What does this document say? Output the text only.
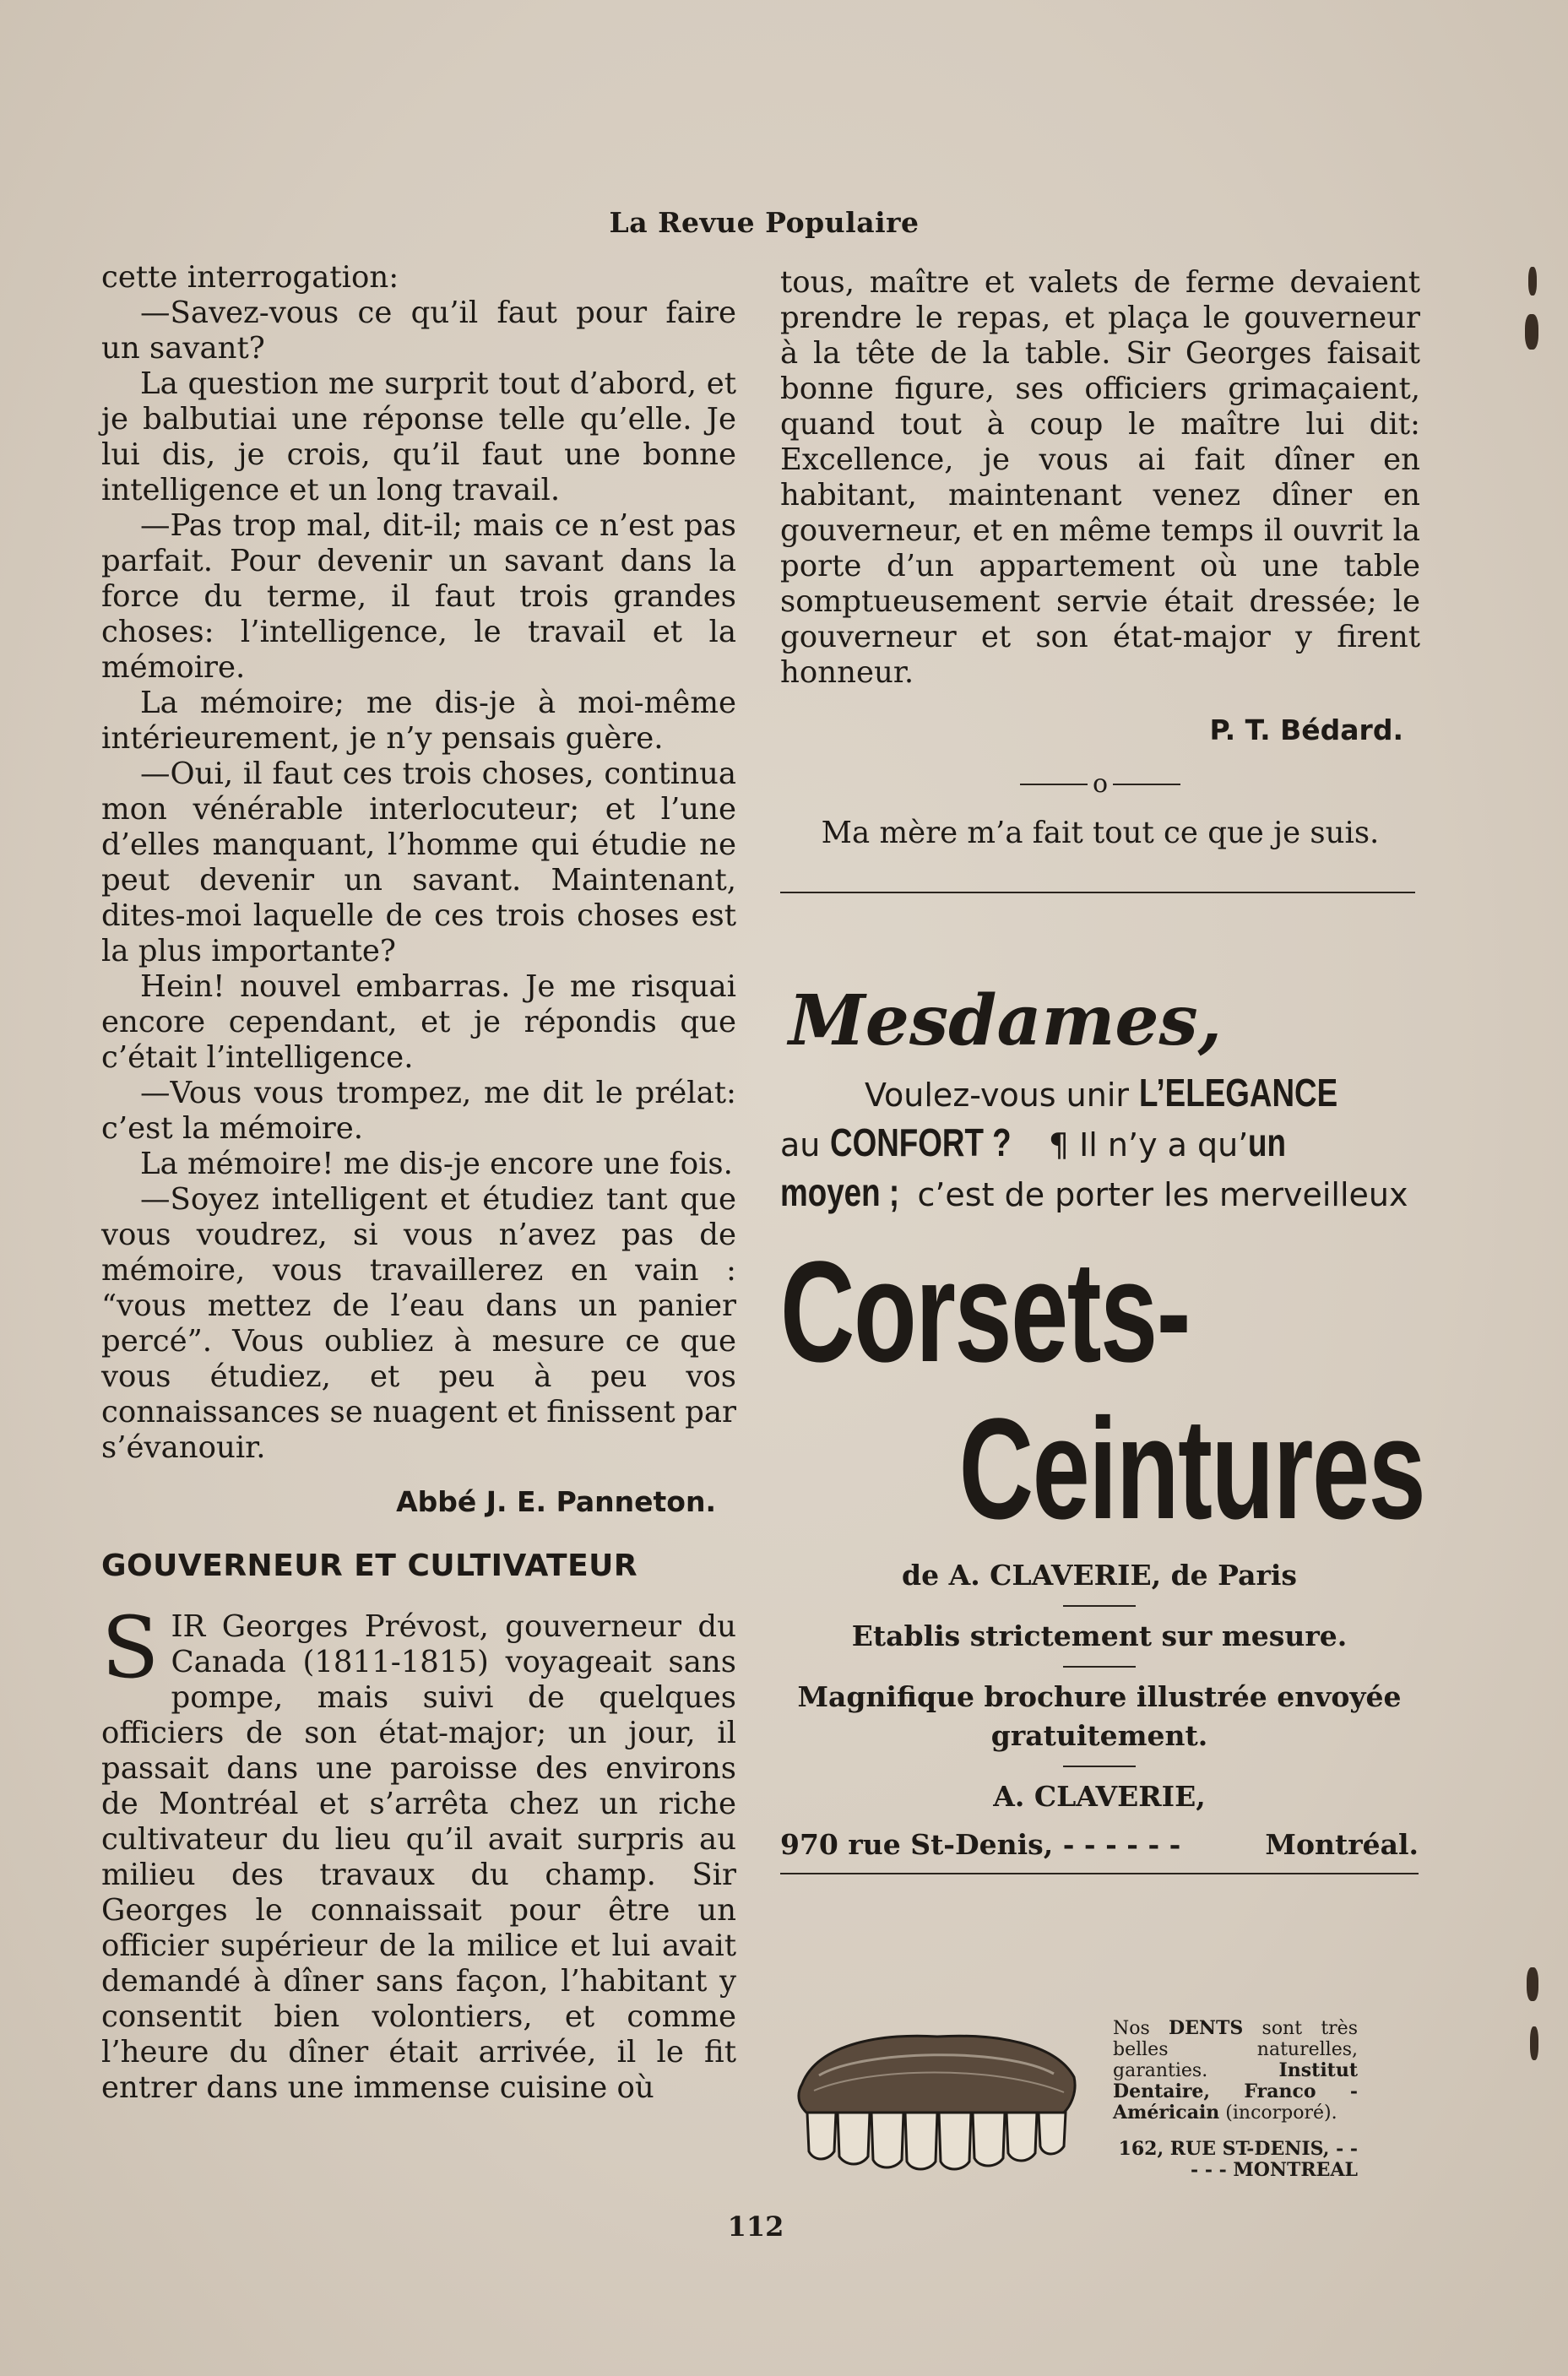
La Revue Populaire

cette interrogation:

—Savez-vous ce qu’il faut pour faire un savant?

La question me surprit tout d’abord, et je balbutiai une réponse telle qu’elle. Je lui dis, je crois, qu’il faut une bonne intelligence et un long travail.

—Pas trop mal, dit-il; mais ce n’est pas parfait. Pour devenir un savant dans la force du terme, il faut trois grandes choses: l’intelligence, le travail et la mémoire.

La mémoire; me dis-je à moi-même intérieurement, je n’y pensais guère.

—Oui, il faut ces trois choses, continua mon vénérable interlocuteur; et l’une d’elles manquant, l’homme qui étudie ne peut devenir un savant. Maintenant, dites-moi laquelle de ces trois choses est la plus importante?

Hein! nouvel embarras. Je me risquai encore cependant, et je répondis que c’était l’intelligence.

—Vous vous trompez, me dit le prélat: c’est la mémoire.

La mémoire! me dis-je encore une fois.

—Soyez intelligent et étudiez tant que vous voudrez, si vous n’avez pas de mémoire, vous travaillerez en vain : “vous mettez de l’eau dans un panier percé”. Vous oubliez à mesure ce que vous étudiez, et peu à peu vos connaissances se nuagent et finissent par s’évanouir.

Abbé J. E. Panneton.

GOUVERNEUR ET CULTIVATEUR

SIR Georges Prévost, gouverneur du Canada (1811-1815) voyageait sans pompe, mais suivi de quelques officiers de son état-major; un jour, il passait dans une paroisse des environs de Montréal et s’arrêta chez un riche cultivateur du lieu qu’il avait surpris au milieu des travaux du champ. Sir Georges le connaissait pour être un officier supérieur de la milice et lui avait demandé à dîner sans façon, l’habitant y consentit bien volontiers, et comme l’heure du dîner était arrivée, il le fit entrer dans une immense cuisine où

tous, maître et valets de ferme devaient prendre le repas, et plaça le gouverneur à la tête de la table. Sir Georges faisait bonne figure, ses officiers grimaçaient, quand tout à coup le maître lui dit: Excellence, je vous ai fait dîner en habitant, maintenant venez dîner en gouverneur, et en même temps il ouvrit la porte d’un appartement où une table somptueusement servie était dressée; le gouverneur et son état-major y firent honneur.

P. T. Bédard.

o

Ma mère m’a fait tout ce que je suis.

Mesdames,
Voulez-vous unir L’ELEGANCE
au CONFORT ? ¶ Il n’y a qu’un
moyen ; c’est de porter les merveilleux
Corsets-
Ceintures
de A. CLAVERIE, de Paris
Etablis strictement sur mesure.
Magnifique brochure illustrée envoyée gratuitement.
A. CLAVERIE,
970 rue St-Denis, - - - - - -	Montréal.
Nos DENTS sont très belles naturelles, garanties. Institut Dentaire, Franco - Américain (incorporé).
162, RUE ST-DENIS, - - - - - MONTREAL
112
